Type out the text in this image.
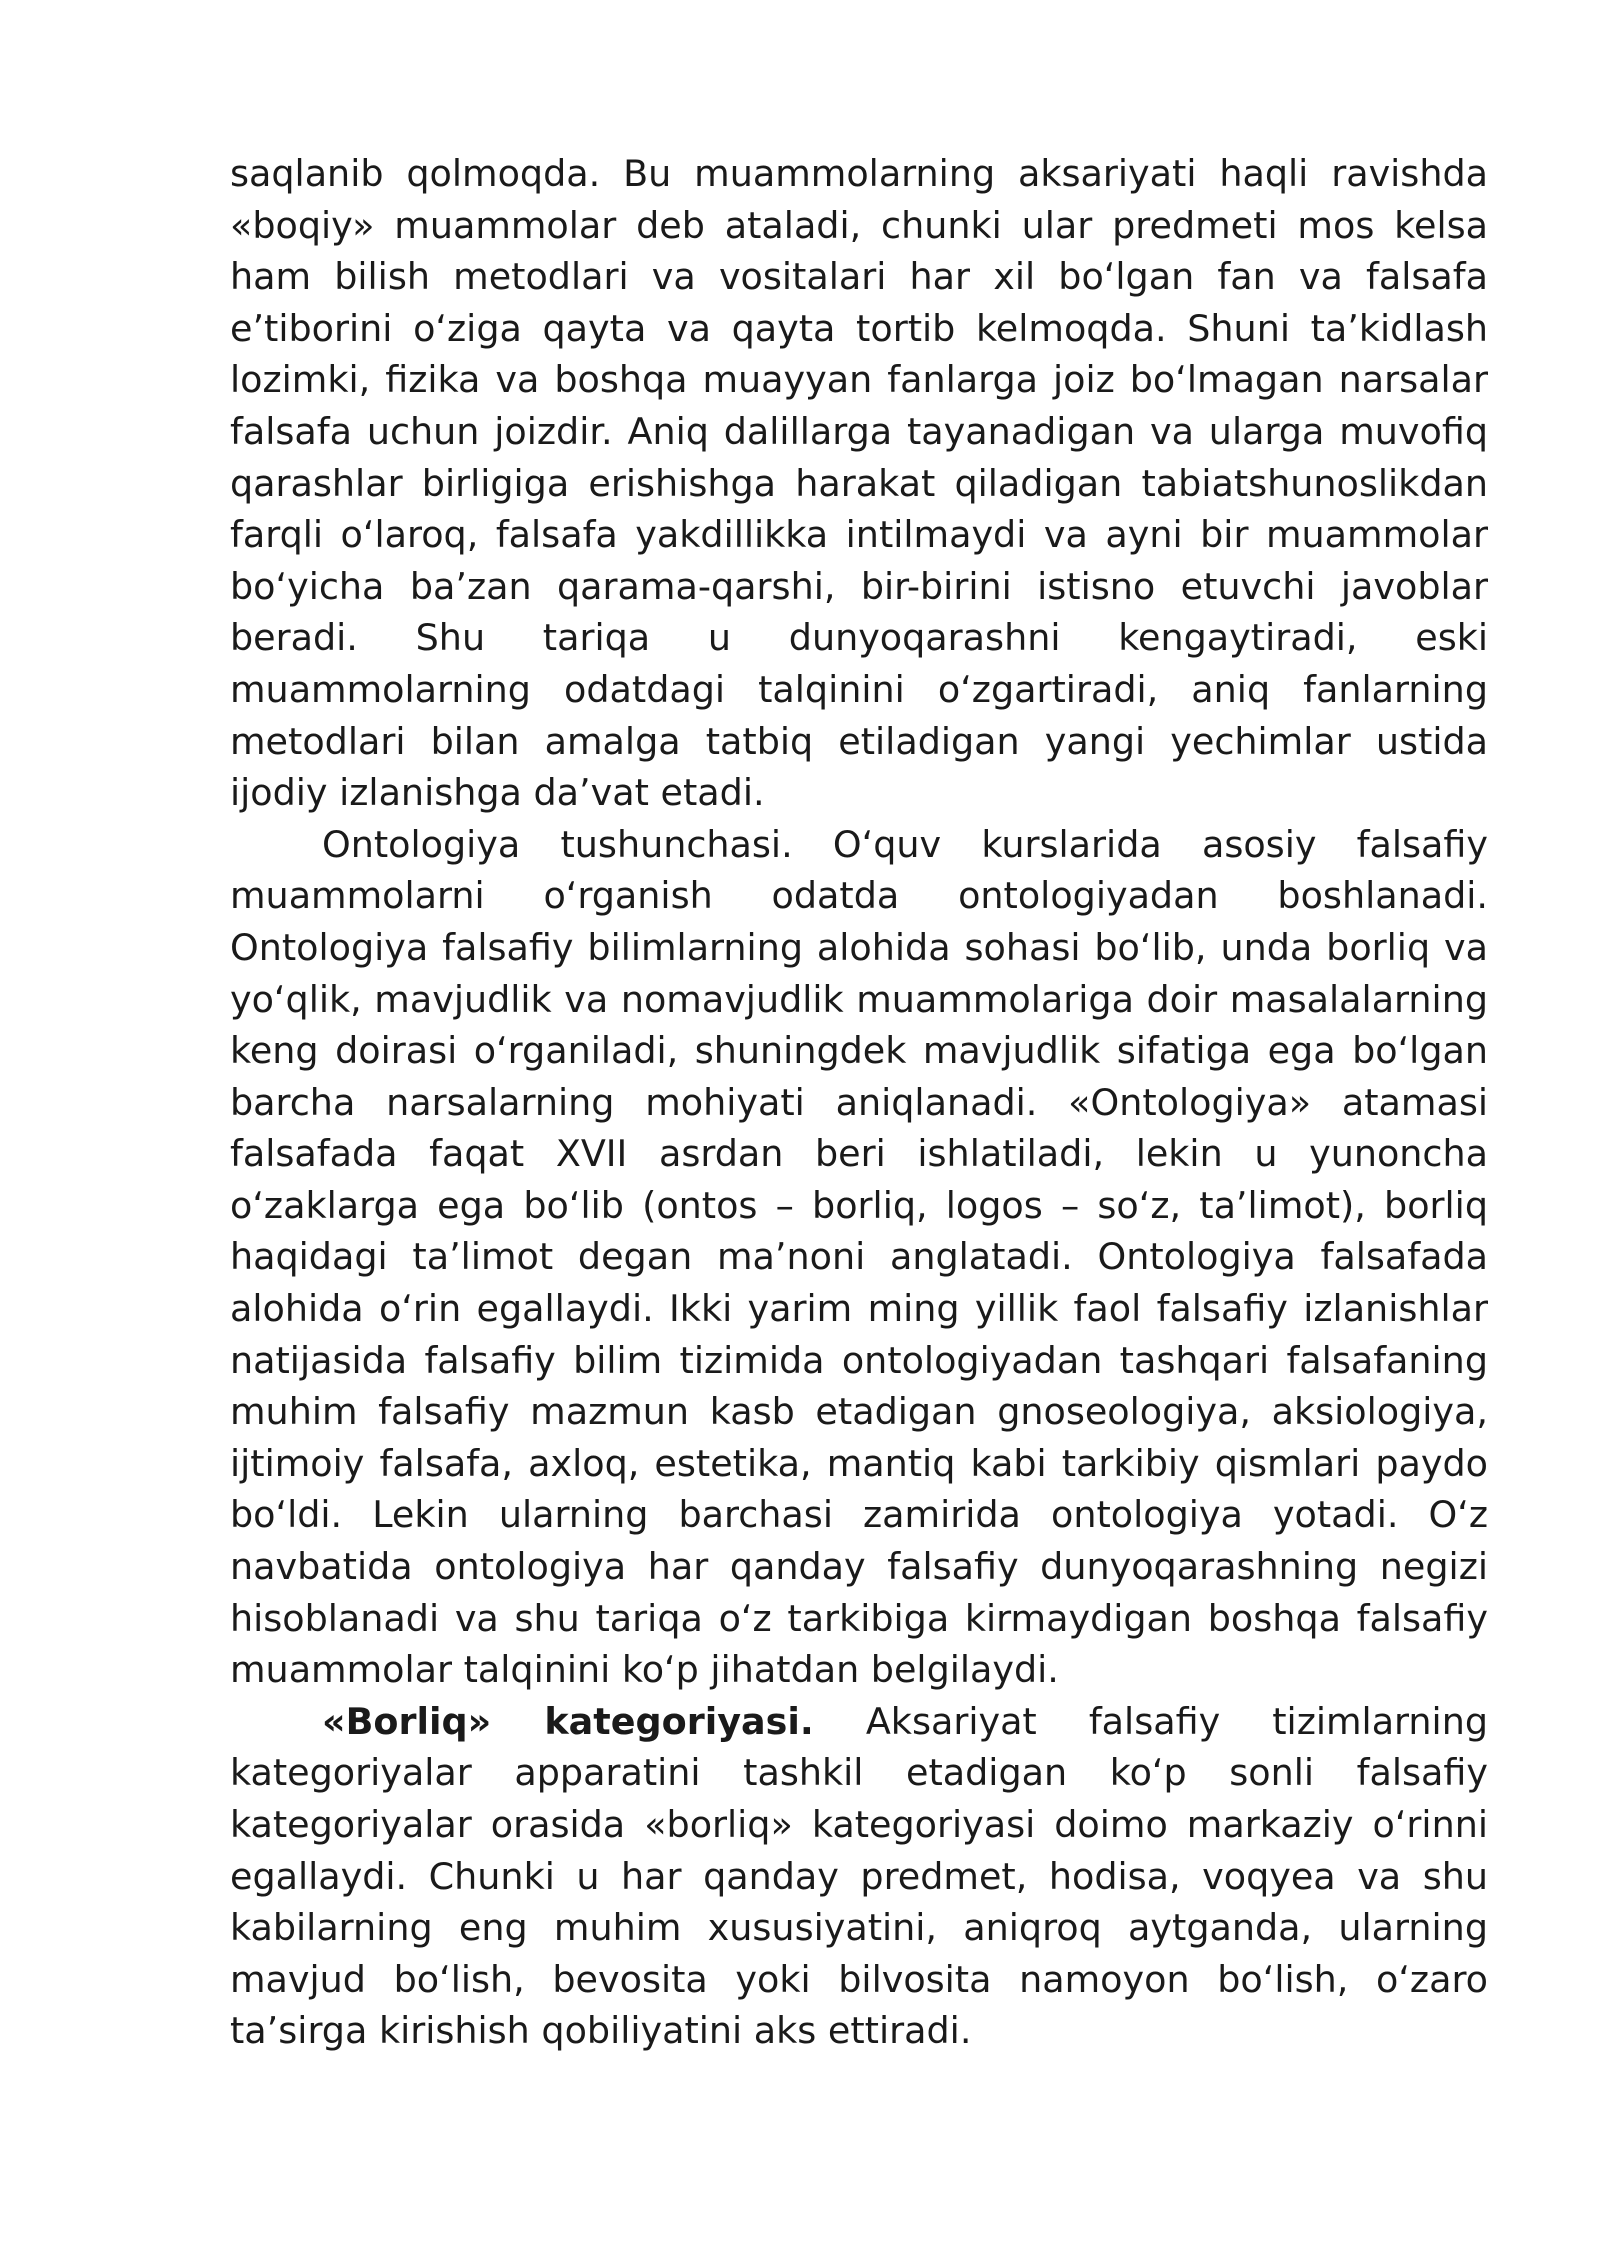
saqlanib qolmoqda. Bu muammolarning aksariyati haqli ravishda «boqiy» muammolar deb ataladi, chunki ular predmeti mos kelsa ham bilish metodlari va vositalari har xil bo‘lgan fan va falsafa e’tiborini o‘ziga qayta va qayta tortib kelmoqda. Shuni ta’kidlash lozimki, fizika va boshqa muayyan fanlarga joiz bo‘lmagan narsalar falsafa uchun joizdir. Aniq dalillarga tayanadigan va ularga muvofiq qarashlar birligiga erishishga harakat qiladigan tabiatshunoslikdan farqli o‘laroq, falsafa yakdillikka intilmaydi va ayni bir muammolar bo‘yicha ba’zan qarama-qarshi, bir-birini istisno etuvchi javoblar beradi. Shu tariqa u dunyoqarashni kengaytiradi, eski muammolarning odatdagi talqinini o‘zgartiradi, aniq fanlarning metodlari bilan amalga tatbiq etiladigan yangi yechimlar ustida ijodiy izlanishga da’vat etadi.

Ontologiya tushunchasi. O‘quv kurslarida asosiy falsafiy muammolarni o‘rganish odatda ontologiyadan boshlanadi. Ontologiya falsafiy bilimlarning alohida sohasi bo‘lib, unda borliq va yo‘qlik, mavjudlik va nomavjudlik muammolariga doir masalalarning keng doirasi o‘rganiladi, shuningdek mavjudlik sifatiga ega bo‘lgan barcha narsalarning mohiyati aniqlanadi. «Ontologiya» atamasi falsafada faqat XVII asrdan beri ishlatiladi, lekin u yunoncha o‘zaklarga ega bo‘lib (ontos – borliq, logos – so‘z, ta’limot), borliq haqidagi ta’limot degan ma’noni anglatadi. Ontologiya falsafada alohida o‘rin egallaydi. Ikki yarim ming yillik faol falsafiy izlanishlar natijasida falsafiy bilim tizimida ontologiyadan tashqari falsafaning muhim falsafiy mazmun kasb etadigan gnoseologiya, aksiologiya, ijtimoiy falsafa, axloq, estetika, mantiq kabi tarkibiy qismlari paydo bo‘ldi. Lekin ularning barchasi zamirida ontologiya yotadi. O‘z navbatida ontologiya har qanday falsafiy dunyoqarashning negizi hisoblanadi va shu tariqa o‘z tarkibiga kirmaydigan boshqa falsafiy muammolar talqinini ko‘p jihatdan belgilaydi.

«Borliq» kategoriyasi. Aksariyat falsafiy tizimlarning kategoriyalar apparatini tashkil etadigan ko‘p sonli falsafiy kategoriyalar orasida «borliq» kategoriyasi doimo markaziy o‘rinni egallaydi. Chunki u har qanday predmet, hodisa, voqyea va shu kabilarning eng muhim xususiyatini, aniqroq aytganda, ularning mavjud bo‘lish, bevosita yoki bilvosita namoyon bo‘lish, o‘zaro ta’sirga kirishish qobiliyatini aks ettiradi.
